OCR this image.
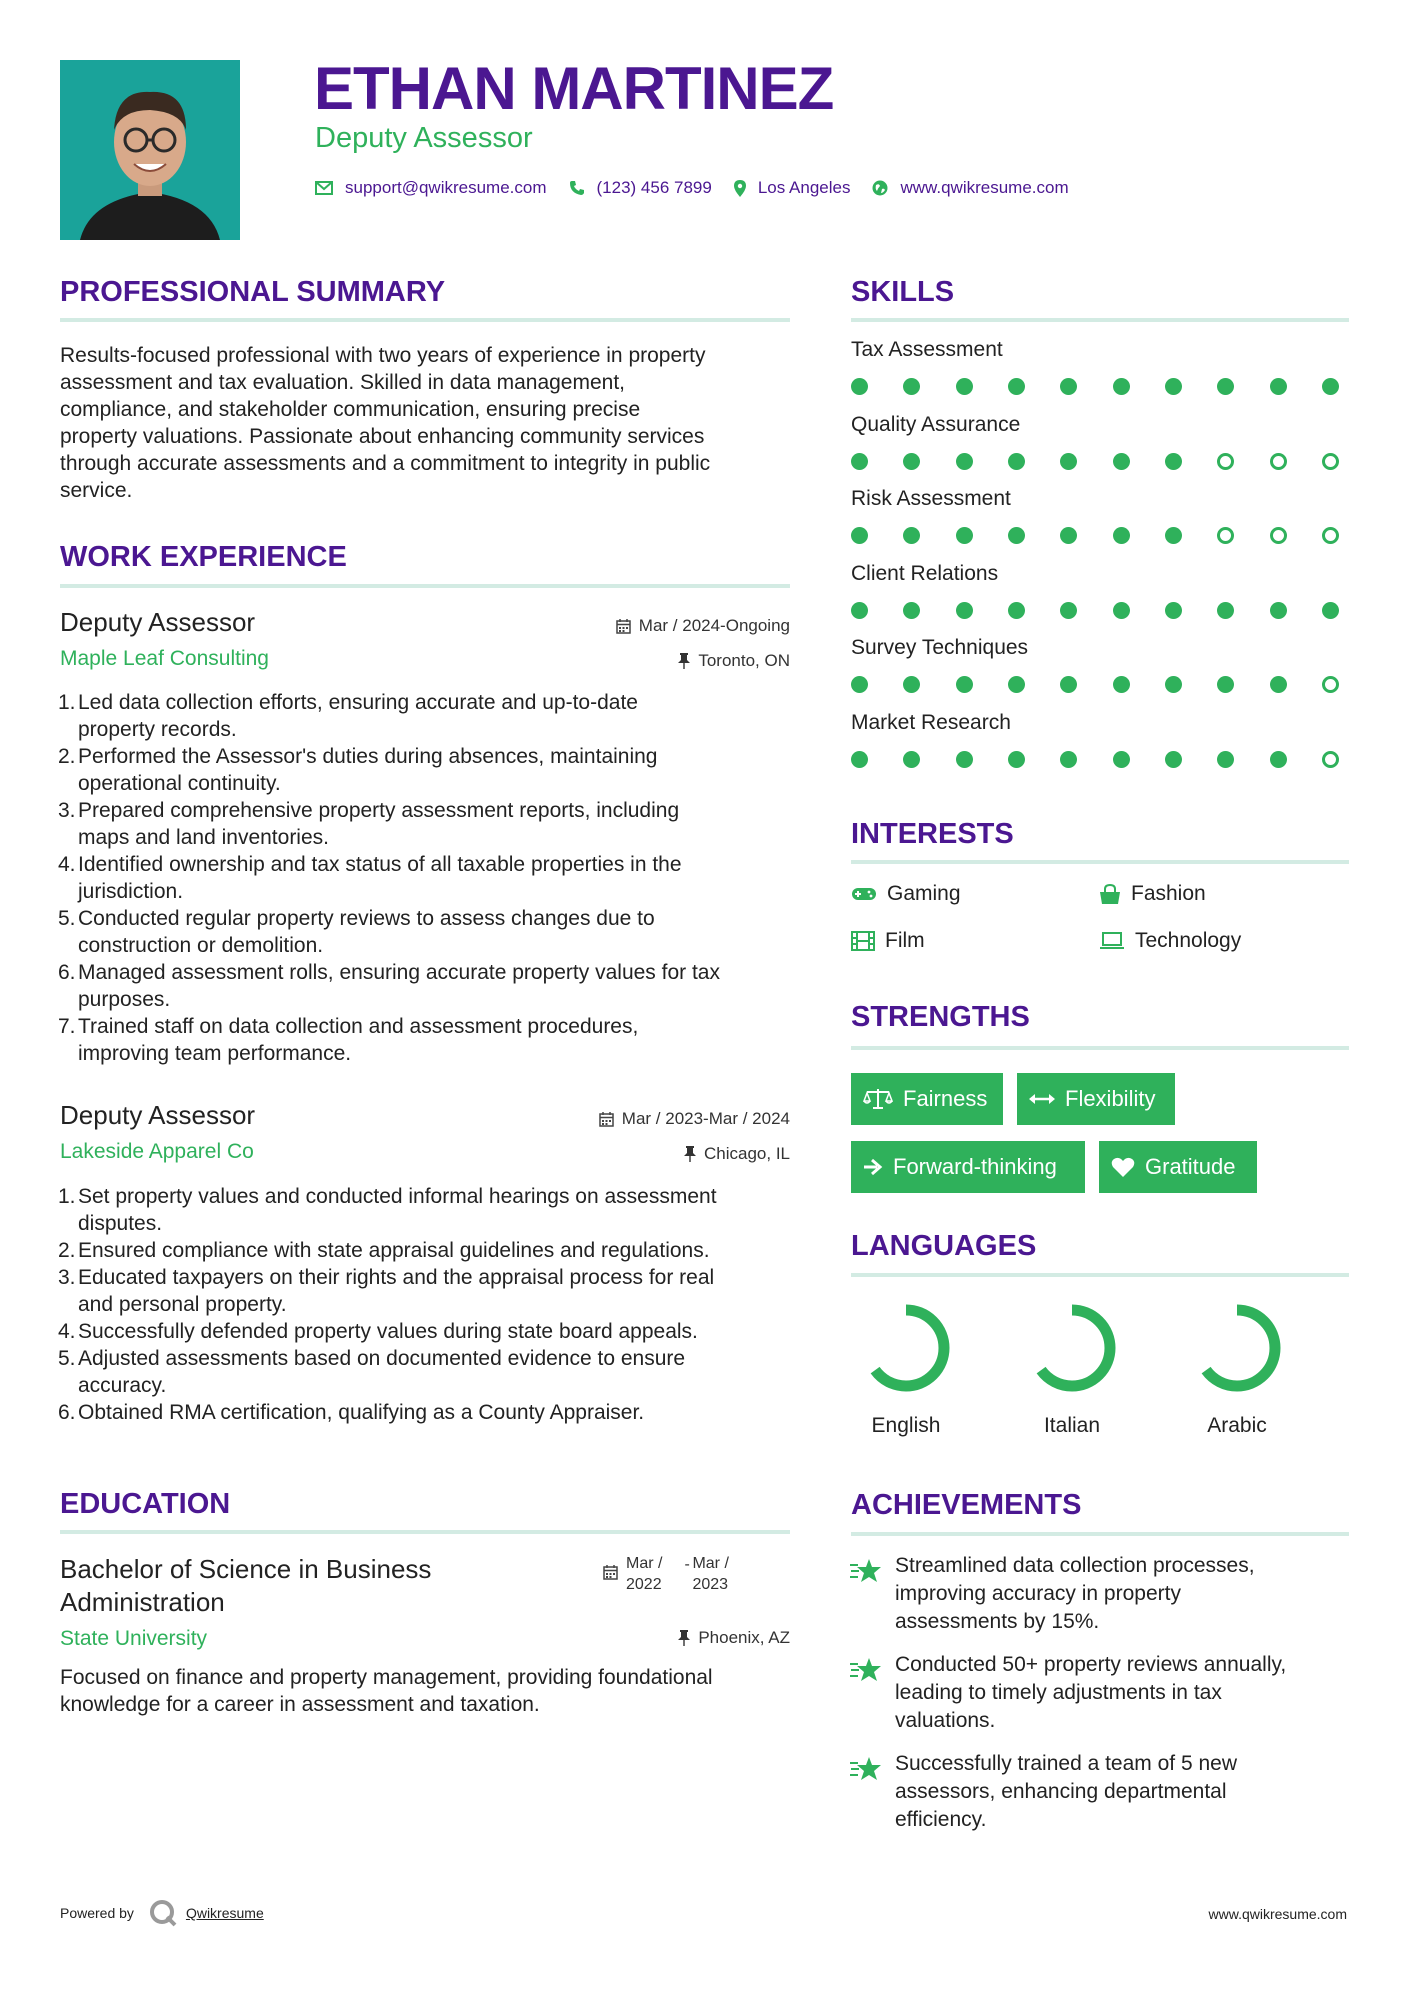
ETHAN MARTINEZ
Deputy Assessor
support@qwikresume.com	(123) 456 7899	Los Angeles	www.qwikresume.com
PROFESSIONAL SUMMARY
Results-focused professional with two years of experience in property
assessment and tax evaluation. Skilled in data management,
compliance, and stakeholder communication, ensuring precise
property valuations. Passionate about enhancing community services
through accurate assessments and a commitment to integrity in public
service.
WORK EXPERIENCE
Deputy Assessor
Maple Leaf Consulting
Mar / 2024-Ongoing
Toronto, ON
1. Led data collection efforts, ensuring accurate and up-to-date
property records.
2. Performed the Assessor's duties during absences, maintaining
operational continuity.
3. Prepared comprehensive property assessment reports, including
maps and land inventories.
4. Identified ownership and tax status of all taxable properties in the
jurisdiction.
5. Conducted regular property reviews to assess changes due to
construction or demolition.
6. Managed assessment rolls, ensuring accurate property values for tax
purposes.
7. Trained staff on data collection and assessment procedures,
improving team performance.
Deputy Assessor
Lakeside Apparel Co
Mar / 2023-Mar / 2024
Chicago, IL
1. Set property values and conducted informal hearings on assessment
disputes.
2. Ensured compliance with state appraisal guidelines and regulations.
3. Educated taxpayers on their rights and the appraisal process for real
and personal property.
4. Successfully defended property values during state board appeals.
5. Adjusted assessments based on documented evidence to ensure
accuracy.
6. Obtained RMA certification, qualifying as a County Appraiser.
EDUCATION
Bachelor of Science in Business
Administration
Mar /
2022
- Mar /
2023
State University	Phoenix, AZ
Focused on finance and property management, providing foundational
knowledge for a career in assessment and taxation.
SKILLS
Tax Assessment
Quality Assurance
Risk Assessment
Client Relations
Survey Techniques
Market Research
INTERESTS
Gaming	Fashion
Film	Technology
STRENGTHS
Fairness	Flexibility
Forward-thinking	Gratitude
LANGUAGES
English	Italian	Arabic
ACHIEVEMENTS
Streamlined data collection processes,
improving accuracy in property
assessments by 15%.
Conducted 50+ property reviews annually,
leading to timely adjustments in tax
valuations.
Successfully trained a team of 5 new
assessors, enhancing departmental
efficiency.
Powered by	Qwikresume	www.qwikresume.com
